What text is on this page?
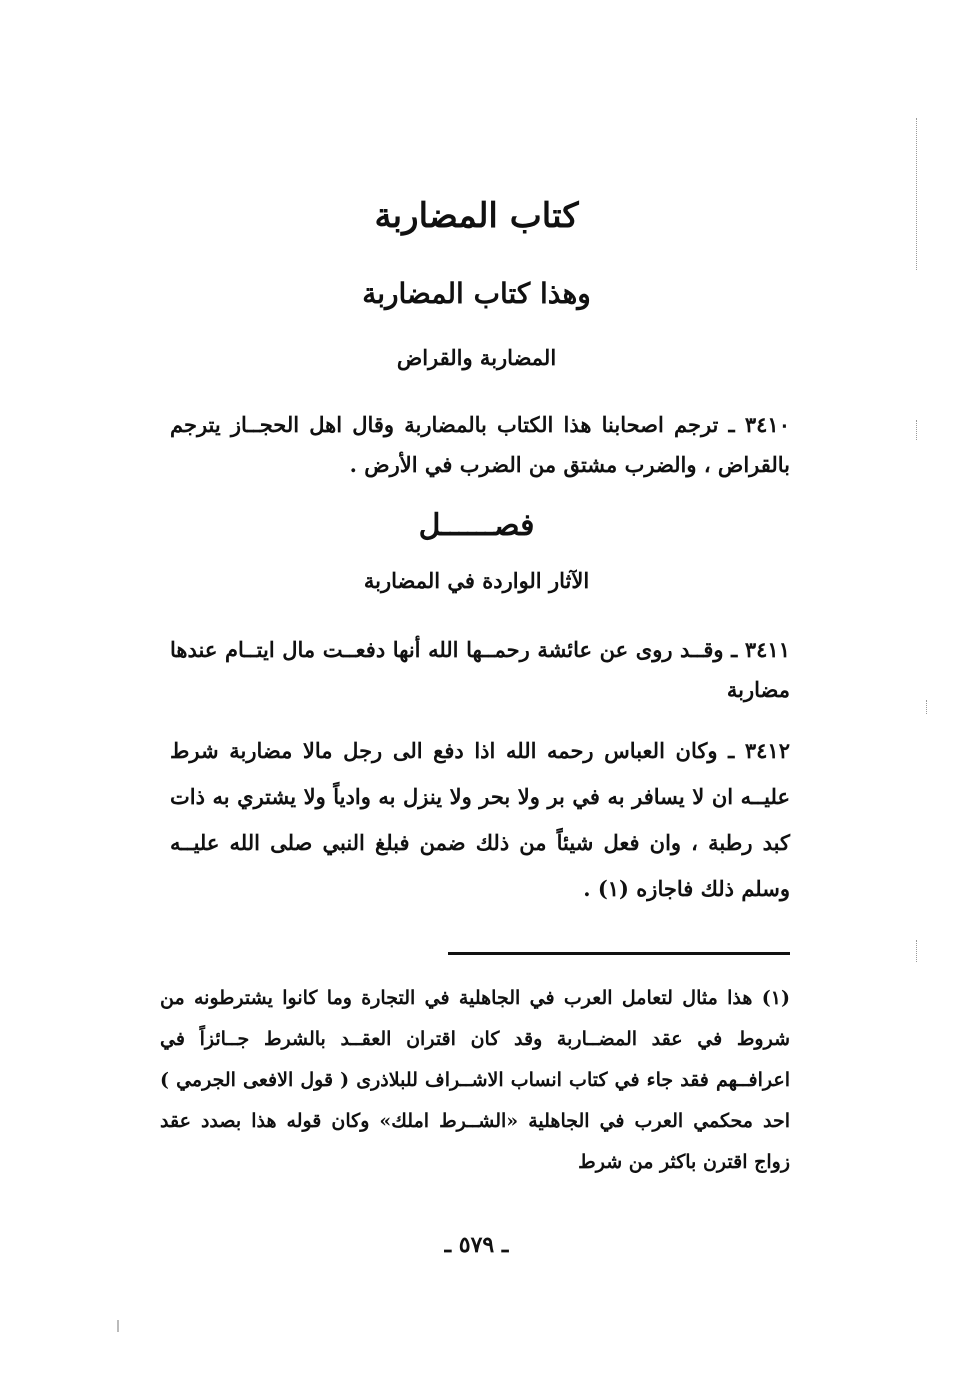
كتاب المضاربة
وهذا كتاب المضاربة
المضاربة والقراض
٣٤١٠ ـ ترجم اصحابنا هذا الكتاب بالمضاربة وقال اهل الحجــاز يترجم بالقراض ، والضرب مشتق من الضرب في الأرض .
فصــــــل
الآثار الواردة في المضاربة
٣٤١١ ـ وقــد روى عن عائشة رحمــها الله أنها دفعــت مال ايتــام عندها مضاربة
٣٤١٢ ـ وكان العباس رحمه الله اذا دفع الى رجل مالا مضاربة شرط عليــه ان لا يسافر به في بر ولا بحر ولا ينزل به وادياً ولا يشتري به ذات كبد رطبة ، وان فعل شيئاً من ذلك ضمن فبلغ النبي صلى الله عليــه وسلم ذلك فاجازه (١) .
(١) هذا مثال لتعامل العرب في الجاهلية في التجارة وما كانوا يشترطونه من شروط في عقد المضــاربة وقد كان اقتران العقــد بالشرط جــائزاً في اعرافــهم فقد جاء في كتاب انساب الاشــراف للبلاذرى ( قول الافعى الجرمي ) احد محكمي العرب في الجاهلية «الشــرط املك» وكان قوله هذا بصدد عقد زواج اقترن باكثر من شرط
ـ ٥٧٩ ـ
